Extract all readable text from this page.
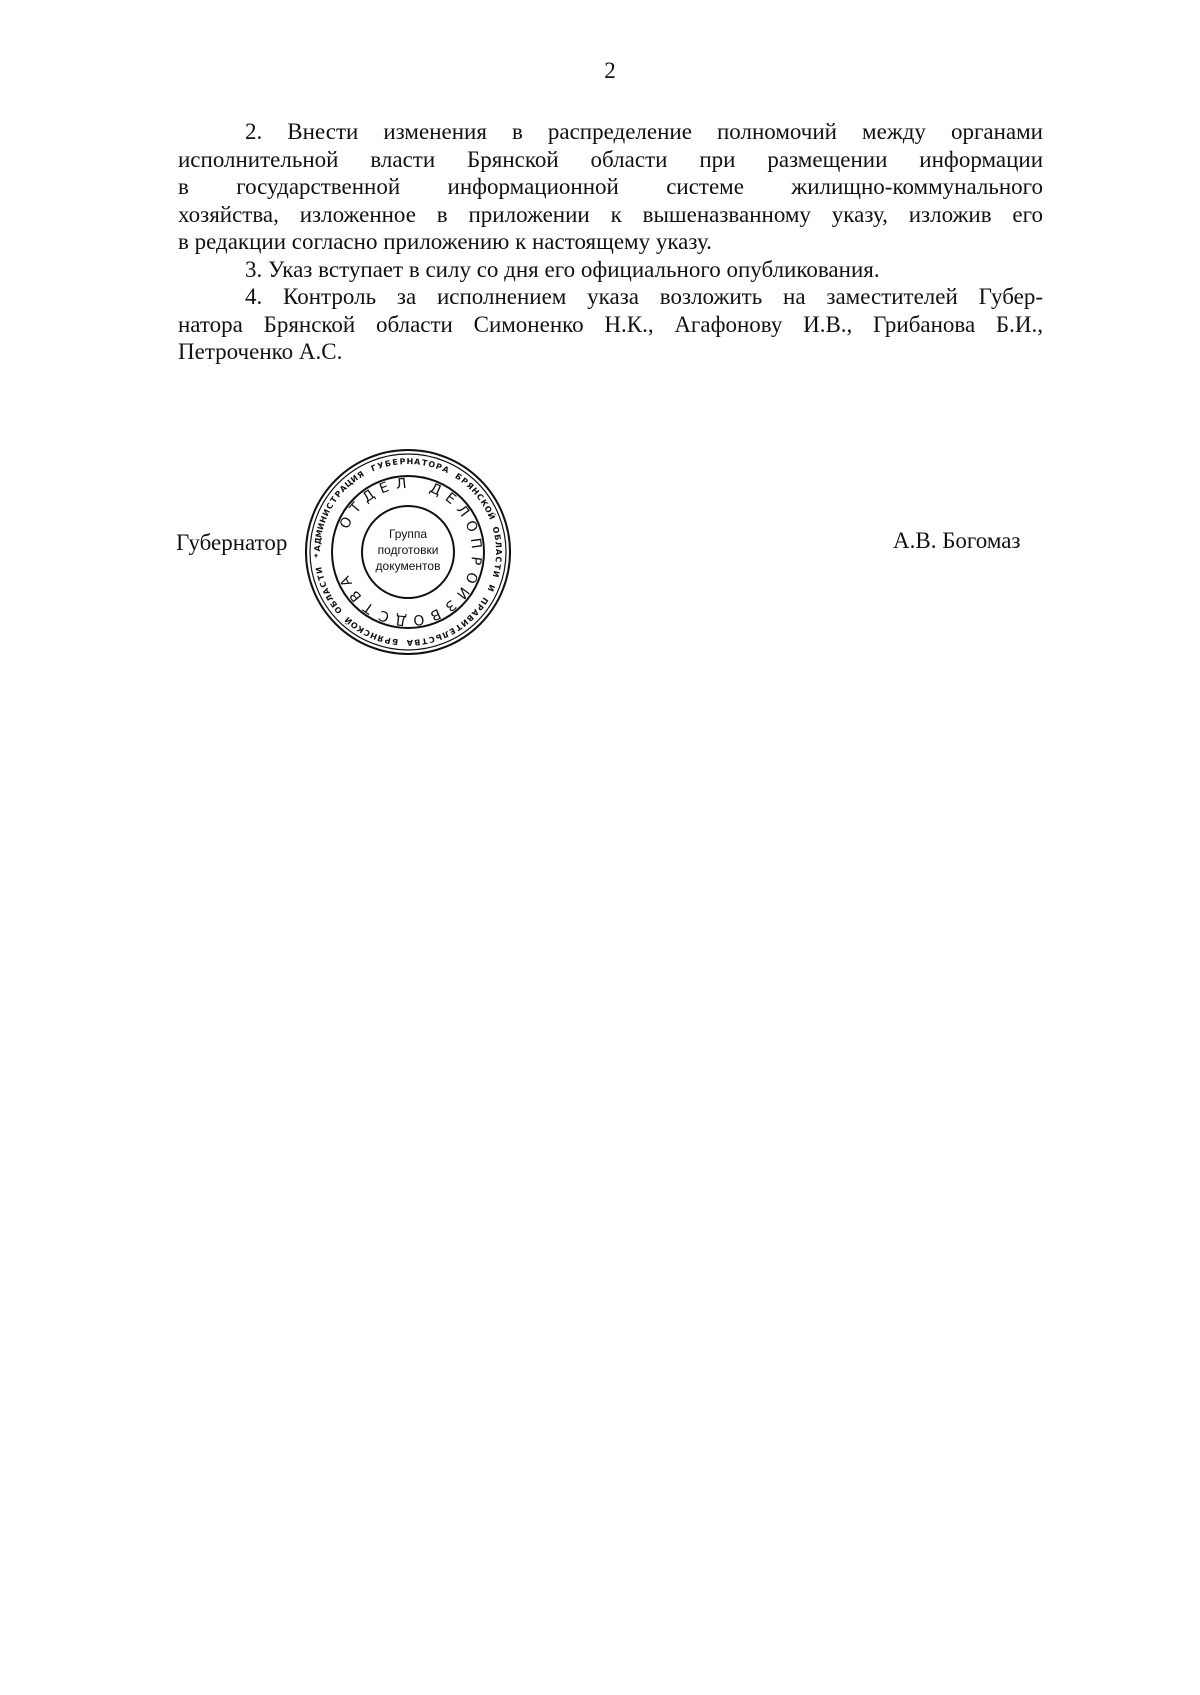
2
2. Внести изменения в распределение полномочий между органами
исполнительной власти Брянской области при размещении информации
в государственной информационной системе жилищно-коммунального
хозяйства, изложенное в приложении к вышеназванному указу, изложив его
в редакции согласно приложению к настоящему указу.
3. Указ вступает в силу со дня его официального опубликования.
4. Контроль за исполнением указа возложить на заместителей Губер-
натора Брянской области Симоненко Н.К., Агафонову И.В., Грибанова Б.И.,
Петроченко А.С.
Губернатор	А.В. Богомаз
